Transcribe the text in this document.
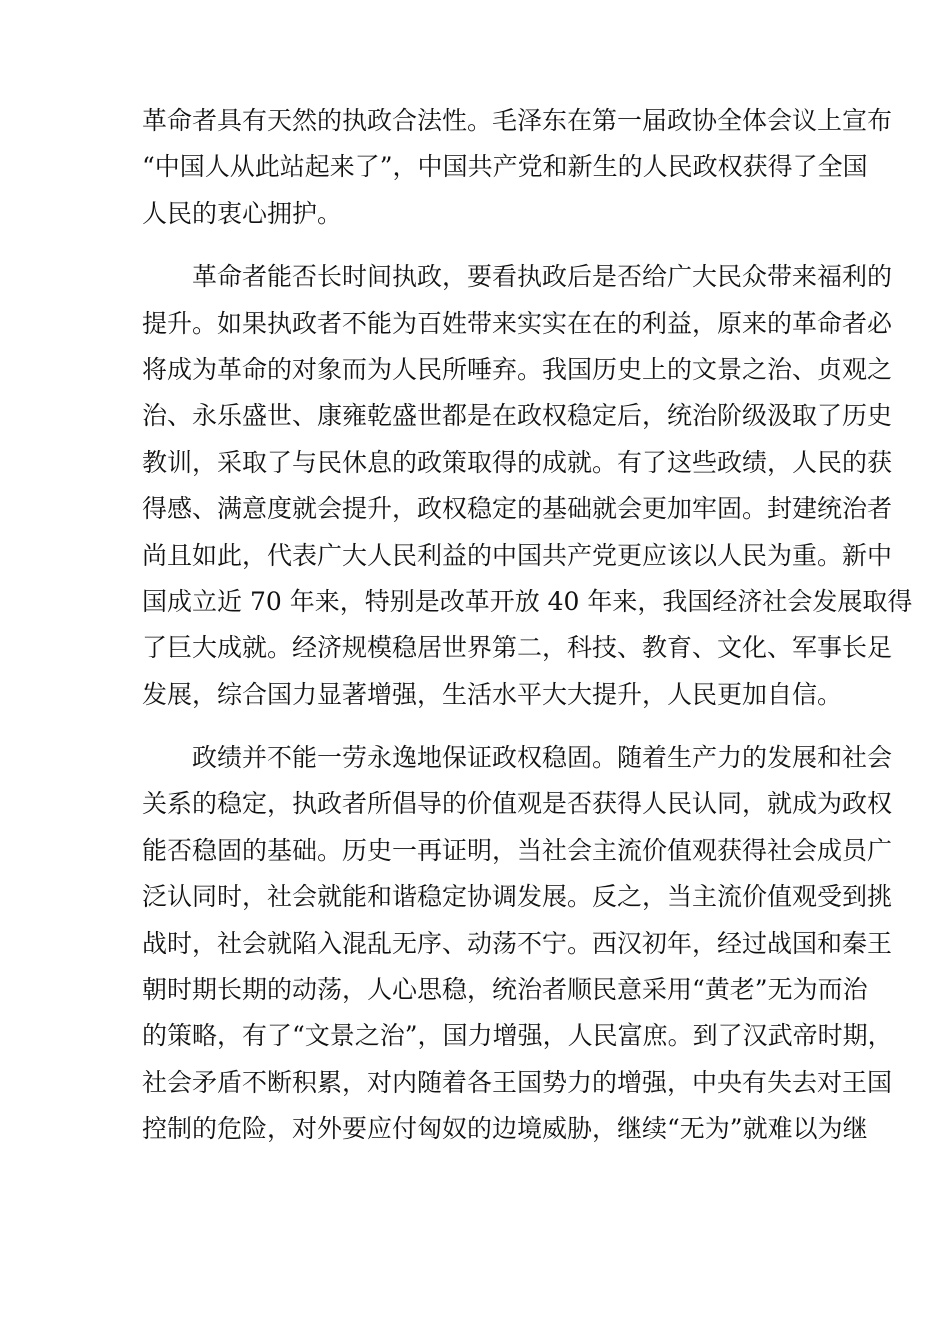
革命者具有天然的执政合法性。毛泽东在第一届政协全体会议上宣布
“中国人从此站起来了”，中国共产党和新生的人民政权获得了全国
人民的衷心拥护。
革命者能否长时间执政，要看执政后是否给广大民众带来福利的
提升。如果执政者不能为百姓带来实实在在的利益，原来的革命者必
将成为革命的对象而为人民所唾弃。我国历史上的文景之治、贞观之
治、永乐盛世、康雍乾盛世都是在政权稳定后，统治阶级汲取了历史
教训，采取了与民休息的政策取得的成就。有了这些政绩，人民的获
得感、满意度就会提升，政权稳定的基础就会更加牢固。封建统治者
尚且如此，代表广大人民利益的中国共产党更应该以人民为重。新中
国成立近 70 年来，特别是改革开放 40 年来，我国经济社会发展取得
了巨大成就。经济规模稳居世界第二，科技、教育、文化、军事长足
发展，综合国力显著增强，生活水平大大提升，人民更加自信。
政绩并不能一劳永逸地保证政权稳固。随着生产力的发展和社会
关系的稳定，执政者所倡导的价值观是否获得人民认同，就成为政权
能否稳固的基础。历史一再证明，当社会主流价值观获得社会成员广
泛认同时，社会就能和谐稳定协调发展。反之，当主流价值观受到挑
战时，社会就陷入混乱无序、动荡不宁。西汉初年，经过战国和秦王
朝时期长期的动荡，人心思稳，统治者顺民意采用“黄老”无为而治
的策略，有了“文景之治”，国力增强，人民富庶。到了汉武帝时期，
社会矛盾不断积累，对内随着各王国势力的增强，中央有失去对王国
控制的危险，对外要应付匈奴的边境威胁，继续“无为”就难以为继
